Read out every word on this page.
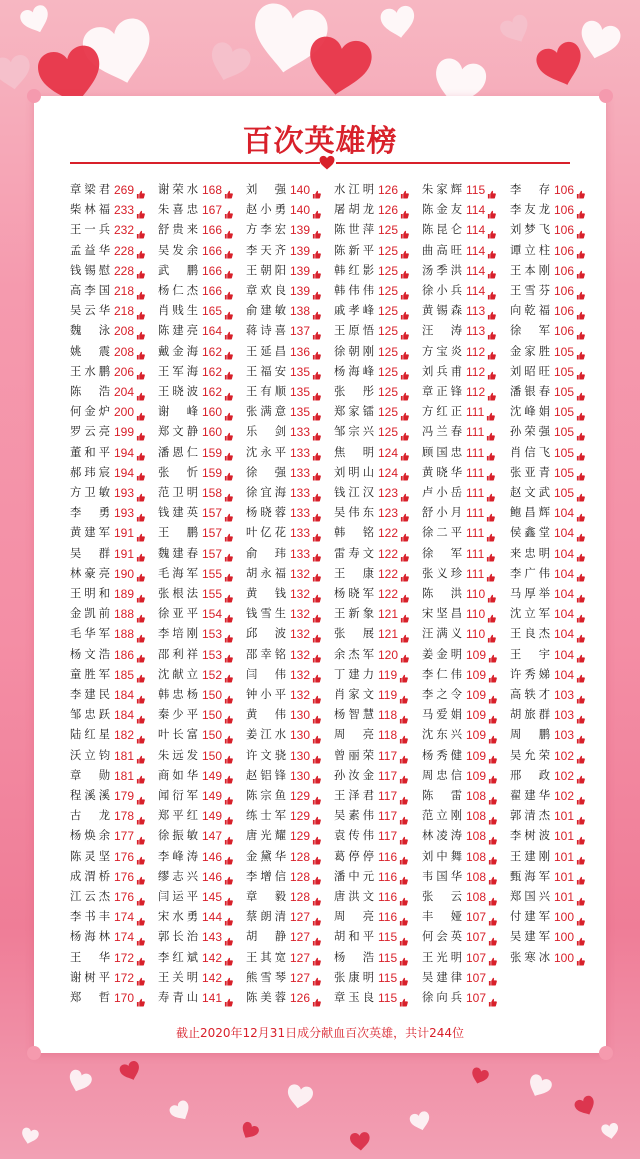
百次英雄榜
章梁君 269
柴林福 233
王一兵 232
孟益华 228
钱锡慰 228
高李国 218
吴云华 218
魏 泳 208
姚 震 208
王水鹏 206
陈 浩 204
何金炉 200
罗云亮 199
董和平 194
郝玮宸 194
方卫敏 193
李 勇 193
黄建军 191
吴 群 191
林豪亮 190
王明和 189
金凯前 188
毛华军 188
杨文浩 186
童胜军 185
李建民 184
邹忠跃 184
陆红星 182
沃立钧 181
章 勋 181
程溪溪 179
古 龙 178
杨焕余 177
陈灵坚 176
成渭桥 176
江云杰 176
李书丰 174
杨海林 174
王 华 172
谢树平 172
郑 哲 170
谢荣水 168
朱喜忠 167
舒贵来 166
吴发余 166
武 鹏 166
杨仁杰 166
肖贱生 165
陈建亮 164
戴金海 162
王军海 162
王晓波 162
谢 峰 160
郑文静 160
潘恩仁 159
张 忻 159
范卫明 158
钱建英 157
王 鹏 157
魏建春 157
毛海军 155
张根法 155
徐亚平 154
李培刚 153
邵利祥 153
沈献立 152
韩忠杨 150
秦少平 150
叶长富 150
朱远发 150
商如华 149
闻衍军 149
郑平红 149
徐振敏 147
李峰涛 146
缪志兴 146
闫运平 145
宋水勇 144
郭长治 143
李红斌 142
王关明 142
寿青山 141
刘 强 140
赵小勇 140
方李宏 139
李天齐 139
王朝阳 139
章欢良 139
俞建敏 138
蒋诗喜 137
王延昌 136
王福安 135
王有顺 135
张满意 135
乐 剑 133
沈永平 133
徐 强 133
徐宜海 133
杨晓蓉 133
叶亿花 133
俞 玮 133
胡永福 132
黄 钱 132
钱雪生 132
邱 波 132
邵幸铭 132
闫 伟 132
钟小平 132
黄 伟 130
姜江水 130
许文骁 130
赵铝锋 130
陈宗鱼 129
练士军 129
唐光耀 129
金黛华 128
李增信 128
章 毅 128
蔡朗清 127
胡 静 127
王其宽 127
熊雪琴 127
陈美蓉 126
水江明 126
屠胡龙 126
陈世萍 125
陈新平 125
韩红影 125
韩伟伟 125
戚孝峰 125
王原悟 125
徐朝刚 125
杨海峰 125
张 彤 125
郑家镭 125
邹宗兴 125
焦 明 124
刘明山 124
钱江汉 123
吴伟东 123
韩 铭 122
雷寿文 122
王 康 122
杨晓军 122
王新象 121
张 展 121
余杰军 120
丁建力 119
肖家文 119
杨智慧 118
周 亮 118
曾丽荣 117
孙汝金 117
王泽君 117
吴素伟 117
袁传伟 117
葛停停 116
潘中元 116
唐洪文 116
周 亮 116
胡和平 115
杨 浩 115
张康明 115
章玉良 115
朱家辉 115
陈金友 114
陈昆仑 114
曲高旺 114
汤季洪 114
徐小兵 114
黄锡森 113
汪 涛 113
方宝炎 112
刘兵甫 112
章正锋 112
方红正 111
冯兰春 111
顾国忠 111
黄晓华 111
卢小岳 111
舒小月 111
徐二平 111
徐 军 111
张义珍 111
陈 洪 110
宋坚昌 110
汪满义 110
姜金明 109
李仁伟 109
李之令 109
马爱娟 109
沈东兴 109
杨秀健 109
周忠信 109
陈 雷 108
范立刚 108
林凌涛 108
刘中舞 108
韦国华 108
张 云 108
丰 娅 107
何会英 107
王光明 107
吴建律 107
徐向兵 107
李 存 106
李友龙 106
刘梦飞 106
谭立柱 106
王本刚 106
王雪芬 106
向乾福 106
徐 军 106
金家胜 105
刘昭旺 105
潘银春 105
沈峰娟 105
孙荣强 105
肖信飞 105
张亚青 105
赵文武 105
鲍昌辉 104
侯鑫堂 104
来忠明 104
李广伟 104
马厚举 104
沈立军 104
王良杰 104
王 宇 104
许秀娣 104
高轶才 103
胡旅群 103
周 鹏 103
吴允荣 102
邢 政 102
翟建华 102
郭清杰 101
李树波 101
王建刚 101
甄海军 101
郑国兴 101
付建军 100
吴建军 100
张寒冰 100
截止2020年12月31日成分献血百次英雄，共计244位
